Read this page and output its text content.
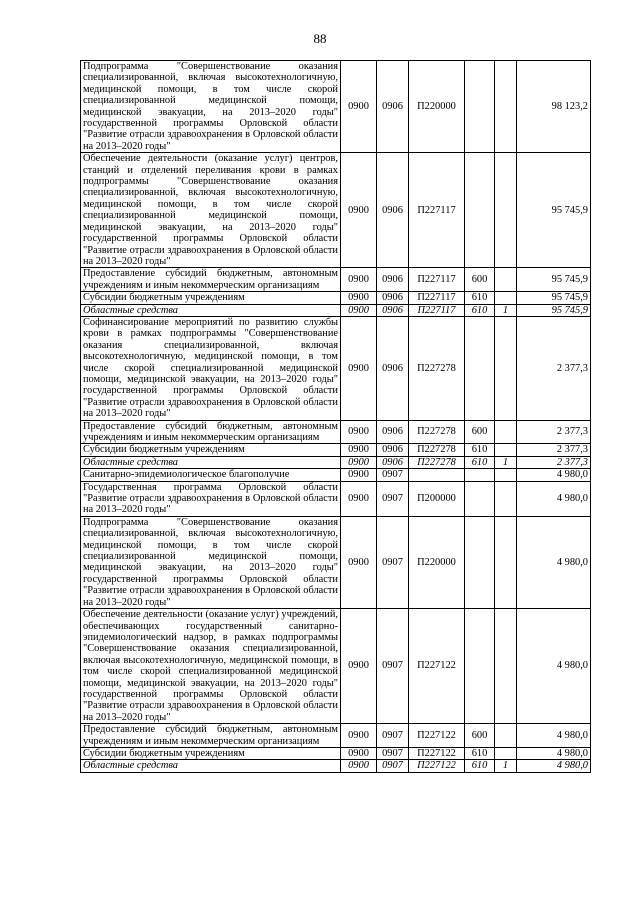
88
Подпрограмма "Совершенствование оказания специализированной, включая высокотехнологичную, медицинской помощи, в том числе скорой специализированной медицинской помощи, медицинской эвакуации, на 2013–2020 годы" государственной программы Орловской области "Развитие отрасли здравоохранения в Орловской области на 2013–2020 годы"	0900	0906	П220000			98 123,2
Обеспечение деятельности (оказание услуг) центров, станций и отделений переливания крови в рамках подпрограммы "Совершенствование оказания специализированной, включая высокотехнологичную, медицинской помощи, в том числе скорой специализированной медицинской помощи, медицинской эвакуации, на 2013–2020 годы" государственной программы Орловской области "Развитие отрасли здравоохранения в Орловской области на 2013–2020 годы"	0900	0906	П227117			95 745,9
Предоставление субсидий бюджетным, автономным учреждениям и иным некоммерческим организациям	0900	0906	П227117	600		95 745,9
Субсидии бюджетным учреждениям	0900	0906	П227117	610		95 745,9
Областные средства	0900	0906	П227117	610	1	95 745,9
Софинансирование мероприятий по развитию службы крови в рамках подпрограммы "Совершенствование оказания специализированной, включая высокотехнологичную, медицинской помощи, в том числе скорой специализированной медицинской помощи, медицинской эвакуации, на 2013–2020 годы" государственной программы Орловской области "Развитие отрасли здравоохранения в Орловской области на 2013–2020 годы"	0900	0906	П227278			2 377,3
Предоставление субсидий бюджетным, автономным учреждениям и иным некоммерческим организациям	0900	0906	П227278	600		2 377,3
Субсидии бюджетным учреждениям	0900	0906	П227278	610		2 377,3
Областные средства	0900	0906	П227278	610	1	2 377,3
Санитарно-эпидемиологическое благополучие	0900	0907				4 980,0
Государственная программа Орловской области "Развитие отрасли здравоохранения в Орловской области на 2013–2020 годы"	0900	0907	П200000			4 980,0
Подпрограмма "Совершенствование оказания специализированной, включая высокотехнологичную, медицинской помощи, в том числе скорой специализированной медицинской помощи, медицинской эвакуации, на 2013–2020 годы" государственной программы Орловской области "Развитие отрасли здравоохранения в Орловской области на 2013–2020 годы"	0900	0907	П220000			4 980,0
Обеспечение деятельности (оказание услуг) учреждений, обеспечивающих государственный санитарно-эпидемиологический надзор, в рамках подпрограммы "Совершенствование оказания специализированной, включая высокотехнологичную, медицинской помощи, в том числе скорой специализированной медицинской помощи, медицинской эвакуации, на 2013–2020 годы" государственной программы Орловской области "Развитие отрасли здравоохранения в Орловской области на 2013–2020 годы"	0900	0907	П227122			4 980,0
Предоставление субсидий бюджетным, автономным учреждениям и иным некоммерческим организациям	0900	0907	П227122	600		4 980,0
Субсидии бюджетным учреждениям	0900	0907	П227122	610		4 980,0
Областные средства	0900	0907	П227122	610	1	4 980,0
